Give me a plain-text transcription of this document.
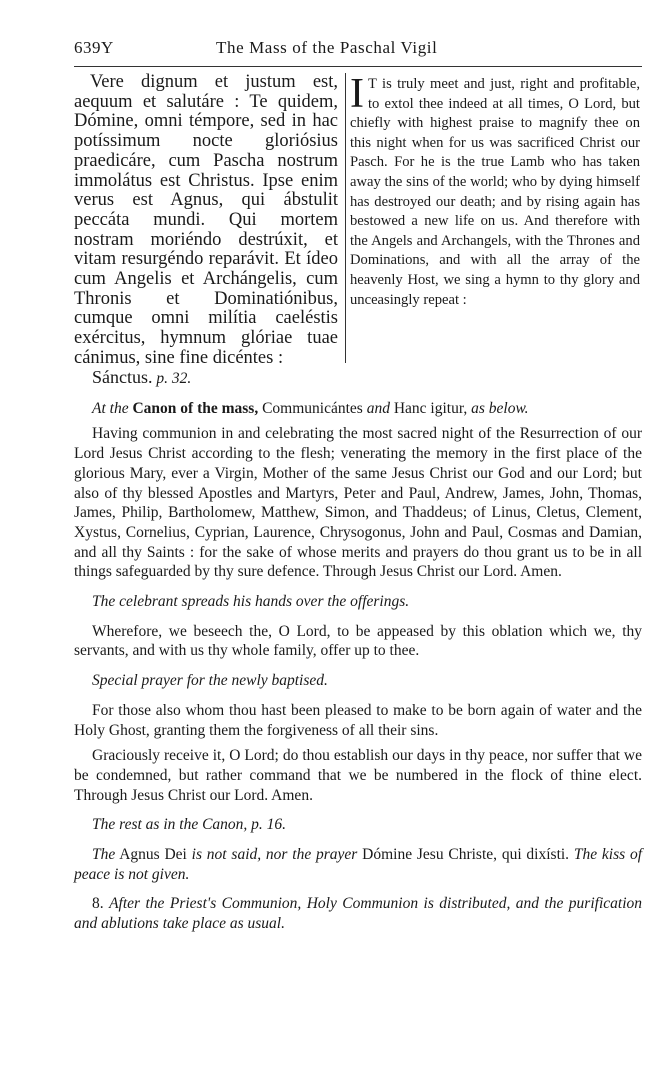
639Y	The Mass of the Paschal Vigil

Vere dignum et justum est, aequum et salutáre : Te quidem, Dómine, omni témpore, sed in hac potíssimum nocte gloriósius praedicáre, cum Pascha nostrum immolátus est Christus. Ipse enim verus est Agnus, qui ábstulit peccáta mundi. Qui mortem nostram moriéndo destrúxit, et vitam resurgéndo reparávit. Et ídeo cum Angelis et Archángelis, cum Thronis et Dominatiónibus, cumque omni milítia caeléstis exércitus, hymnum glóriae tuae cánimus, sine fine dicéntes :

I T is truly meet and just, right and profitable, to extol thee indeed at all times, O Lord, but chiefly with highest praise to magnify thee on this night when for us was sacrificed Christ our Pasch. For he is the true Lamb who has taken away the sins of the world; who by dying himself has destroyed our death; and by rising again has bestowed a new life on us. And therefore with the Angels and Archangels, with the Thrones and Dominations, and with all the array of the heavenly Host, we sing a hymn to thy glory and unceasingly repeat :

Sánctus. p. 32.

At the Canon of the mass, Communicántes and Hanc igitur, as below.

Having communion in and celebrating the most sacred night of the Resurrection of our Lord Jesus Christ according to the flesh; venerating the memory in the first place of the glorious Mary, ever a Virgin, Mother of the same Jesus Christ our God and our Lord; but also of thy blessed Apostles and Martyrs, Peter and Paul, Andrew, James, John, Thomas, James, Philip, Bartholomew, Matthew, Simon, and Thaddeus; of Linus, Cletus, Clement, Xystus, Cornelius, Cyprian, Laurence, Chrysogonus, John and Paul, Cosmas and Damian, and all thy Saints : for the sake of whose merits and prayers do thou grant us to be in all things safeguarded by thy sure defence. Through Jesus Christ our Lord. Amen.

The celebrant spreads his hands over the offerings.

Wherefore, we beseech the, O Lord, to be appeased by this oblation which we, thy servants, and with us thy whole family, offer up to thee.

Special prayer for the newly baptised.

For those also whom thou hast been pleased to make to be born again of water and the Holy Ghost, granting them the forgiveness of all their sins.

Graciously receive it, O Lord; do thou establish our days in thy peace, nor suffer that we be condemned, but rather command that we be numbered in the flock of thine elect. Through Jesus Christ our Lord. Amen.

The rest as in the Canon, p. 16.

The Agnus Dei is not said, nor the prayer Dómine Jesu Christe, qui dixísti. The kiss of peace is not given.

8. After the Priest's Communion, Holy Communion is distributed, and the purification and ablutions take place as usual.
